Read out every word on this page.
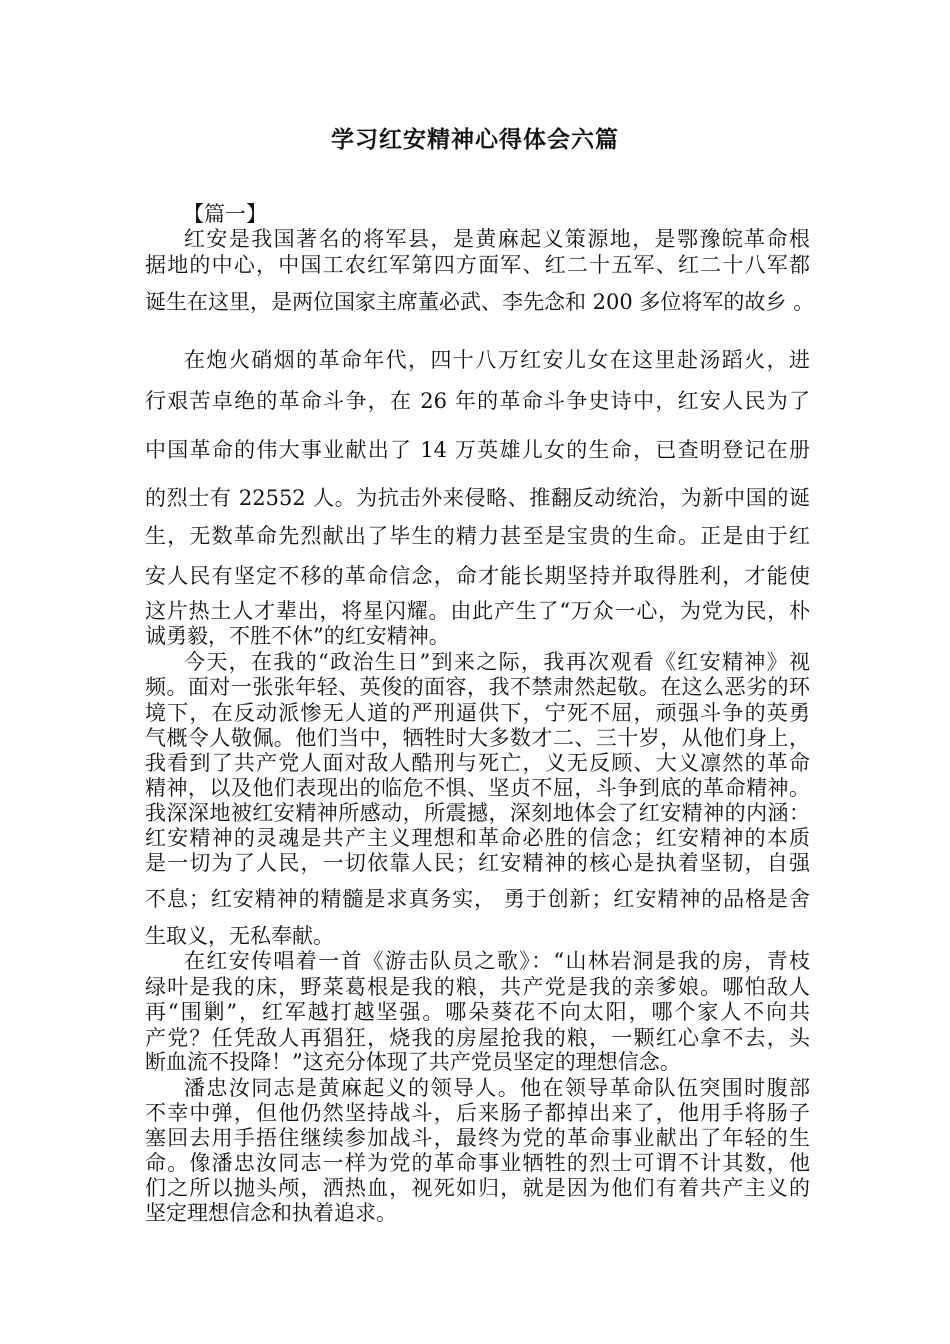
学习红安精神心得体会六篇

【篇一】

红安是我国著名的将军县，是黄麻起义策源地，是鄂豫皖革命根

据地的中心，中国工农红军第四方面军、红二十五军、红二十八军都

诞生在这里，是两位国家主席董必武、李先念和 200 多位将军的故乡 。

在炮火硝烟的革命年代，四十八万红安儿女在这里赴汤蹈火，进

行艰苦卓绝的革命斗争，在 26 年的革命斗争史诗中，红安人民为了

中国革命的伟大事业献出了 14 万英雄儿女的生命，已查明登记在册

的烈士有 22552 人。为抗击外来侵略、推翻反动统治，为新中国的诞

生，无数革命先烈献出了毕生的精力甚至是宝贵的生命。正是由于红

安人民有坚定不移的革命信念，命才能长期坚持并取得胜利，才能使

这片热土人才辈出，将星闪耀。由此产生了“万众一心，为党为民，朴

诚勇毅，不胜不休”的红安精神。

今天，在我的“政治生日”到来之际，我再次观看《红安精神》视

频。面对一张张年轻、英俊的面容，我不禁肃然起敬。在这么恶劣的环

境下，在反动派惨无人道的严刑逼供下，宁死不屈，顽强斗争的英勇

气概令人敬佩。他们当中，牺牲时大多数才二、三十岁，从他们身上，

我看到了共产党人面对敌人酷刑与死亡，义无反顾、大义凛然的革命

精神，以及他们表现出的临危不惧、坚贞不屈，斗争到底的革命精神。

我深深地被红安精神所感动，所震撼，深刻地体会了红安精神的内涵：

红安精神的灵魂是共产主义理想和革命必胜的信念；红安精神的本质

是一切为了人民，一切依靠人民；红安精神的核心是执着坚韧，自强

不息；红安精神的精髓是求真务实， 勇于创新；红安精神的品格是舍

生取义，无私奉献。

在红安传唱着一首《游击队员之歌》：“山林岩洞是我的房，青枝

绿叶是我的床，野菜葛根是我的粮，共产党是我的亲爹娘。哪怕敌人

再“围剿”，红军越打越坚强。哪朵葵花不向太阳，哪个家人不向共

产党？任凭敌人再猖狂，烧我的房屋抢我的粮，一颗红心拿不去，头

断血流不投降！”这充分体现了共产党员坚定的理想信念。

潘忠汝同志是黄麻起义的领导人。他在领导革命队伍突围时腹部

不幸中弹，但他仍然坚持战斗，后来肠子都掉出来了，他用手将肠子

塞回去用手捂住继续参加战斗，最终为党的革命事业献出了年轻的生

命。像潘忠汝同志一样为党的革命事业牺牲的烈士可谓不计其数，他

们之所以抛头颅，洒热血，视死如归，就是因为他们有着共产主义的

坚定理想信念和执着追求。
